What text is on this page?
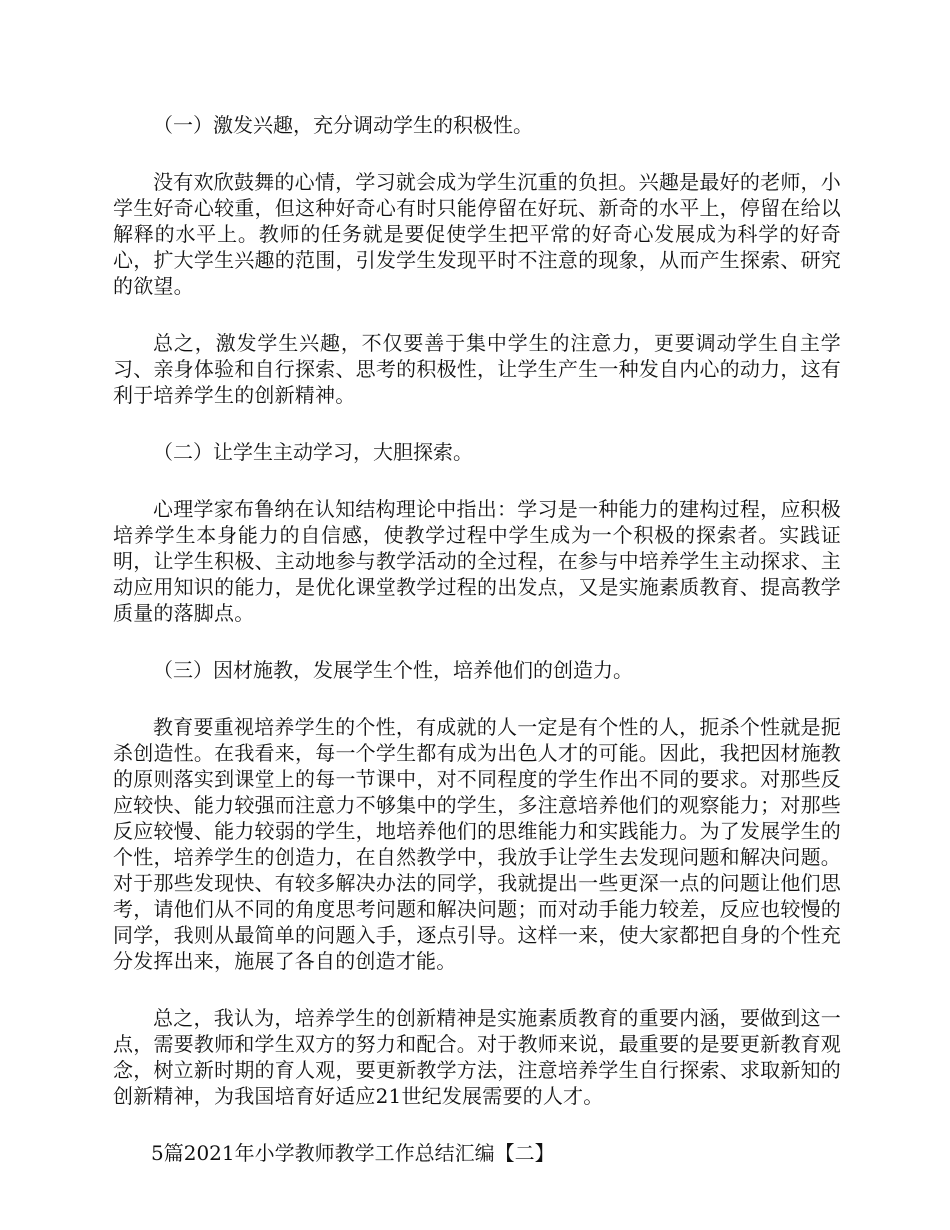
（一）激发兴趣，充分调动学生的积极性。

没有欢欣鼓舞的心情，学习就会成为学生沉重的负担。兴趣是最好的老师，小学生好奇心较重，但这种好奇心有时只能停留在好玩、新奇的水平上，停留在给以解释的水平上。教师的任务就是要促使学生把平常的好奇心发展成为科学的好奇心，扩大学生兴趣的范围，引发学生发现平时不注意的现象，从而产生探索、研究的欲望。

总之，激发学生兴趣，不仅要善于集中学生的注意力，更要调动学生自主学习、亲身体验和自行探索、思考的积极性，让学生产生一种发自内心的动力，这有利于培养学生的创新精神。

（二）让学生主动学习，大胆探索。

心理学家布鲁纳在认知结构理论中指出：学习是一种能力的建构过程，应积极培养学生本身能力的自信感，使教学过程中学生成为一个积极的探索者。实践证明，让学生积极、主动地参与教学活动的全过程，在参与中培养学生主动探求、主动应用知识的能力，是优化课堂教学过程的出发点，又是实施素质教育、提高教学质量的落脚点。

（三）因材施教，发展学生个性，培养他们的创造力。

教育要重视培养学生的个性，有成就的人一定是有个性的人，扼杀个性就是扼杀创造性。在我看来，每一个学生都有成为出色人才的可能。因此，我把因材施教的原则落实到课堂上的每一节课中，对不同程度的学生作出不同的要求。对那些反应较快、能力较强而注意力不够集中的学生，多注意培养他们的观察能力；对那些反应较慢、能力较弱的学生，地培养他们的思维能力和实践能力。为了发展学生的个性，培养学生的创造力，在自然教学中，我放手让学生去发现问题和解决问题。对于那些发现快、有较多解决办法的同学，我就提出一些更深一点的问题让他们思考，请他们从不同的角度思考问题和解决问题；而对动手能力较差，反应也较慢的同学，我则从最简单的问题入手，逐点引导。这样一来，使大家都把自身的个性充分发挥出来，施展了各自的创造才能。

总之，我认为，培养学生的创新精神是实施素质教育的重要内涵，要做到这一点，需要教师和学生双方的努力和配合。对于教师来说，最重要的是要更新教育观念，树立新时期的育人观，要更新教学方法，注意培养学生自行探索、求取新知的创新精神，为我国培育好适应21世纪发展需要的人才。

5篇2021年小学教师教学工作总结汇编【二】
